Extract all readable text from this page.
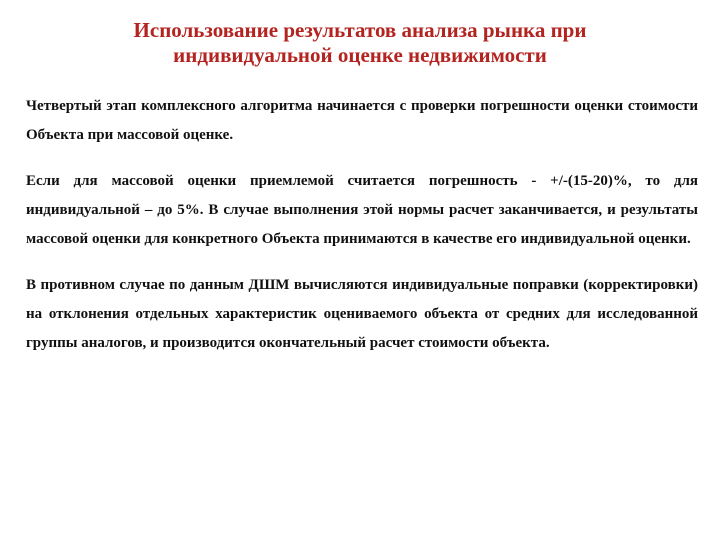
Использование результатов анализа рынка при
индивидуальной оценке недвижимости

Четвертый этап комплексного алгоритма начинается с проверки погрешности оценки стоимости Объекта при массовой оценке.

Если для массовой оценки приемлемой считается погрешность - +/-(15-20)%, то для индивидуальной – до 5%. В случае выполнения этой нормы расчет заканчивается, и результаты массовой оценки для конкретного Объекта принимаются в качестве его индивидуальной оценки.

В противном случае по данным ДШМ вычисляются индивидуальные поправки (корректировки) на отклонения отдельных характеристик оцениваемого объекта от средних для исследованной группы аналогов, и производится окончательный расчет стоимости объекта.
